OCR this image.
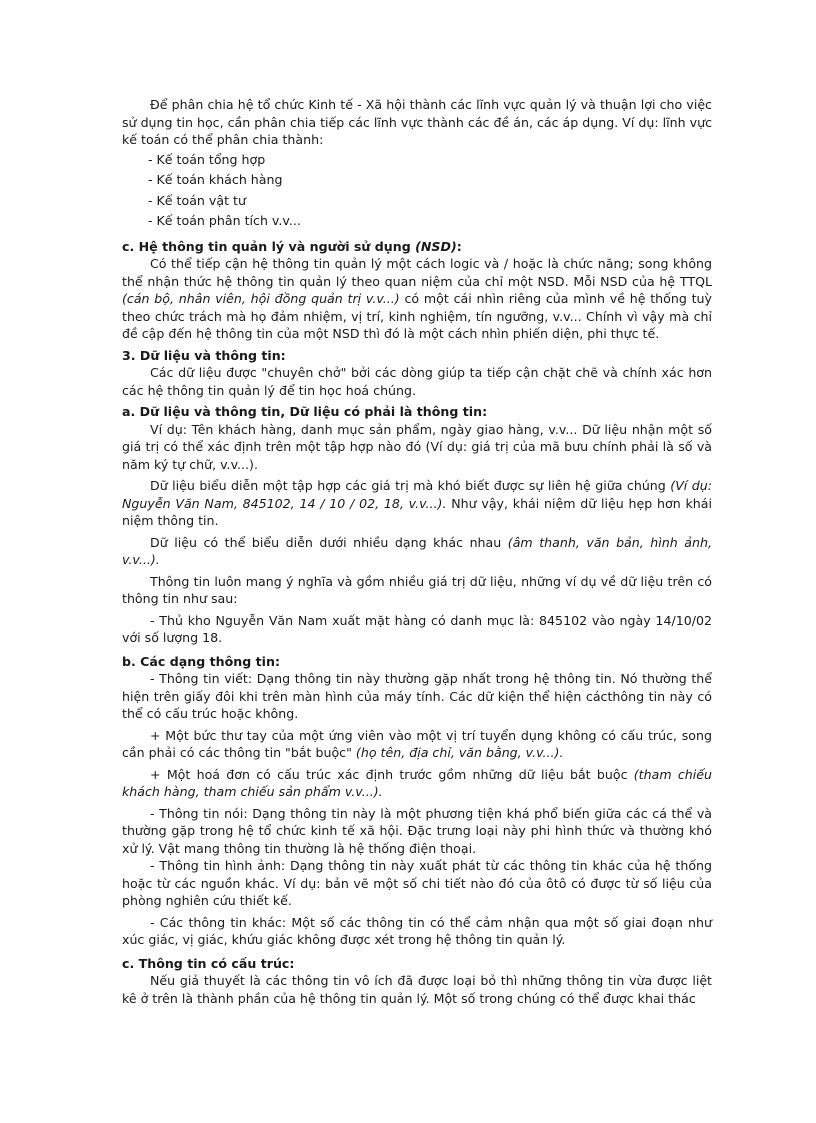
Để phân chia hệ tổ chức Kinh tế - Xã hội thành các lĩnh vực quản lý và thuận lợi cho việc sử dụng tin học, cần phân chia tiếp các lĩnh vực thành các đề án, các áp dụng. Ví dụ: lĩnh vực kế toán có thể phân chia thành:

- Kế toán tổng hợp

- Kế toán khách hàng

- Kế toán vật tư

- Kế toán phân tích v.v...

c. Hệ thông tin quản lý và người sử dụng (NSD):

Có thể tiếp cận hệ thông tin quản lý một cách logic và / hoặc là chức năng; song không thể nhận thức hệ thông tin quản lý theo quan niệm của chỉ một NSD. Mỗi NSD của hệ TTQL (cán bộ, nhân viên, hội đồng quản trị v.v...) có một cái nhìn riêng của mình về hệ thống tuỳ theo chức trách mà họ đảm nhiệm, vị trí, kinh nghiệm, tín ngưỡng, v.v... Chính vì vậy mà chỉ đề cập đến hệ thông tin của một NSD thì đó là một cách nhìn phiến diện, phi thực tế.

3. Dữ liệu và thông tin:

Các dữ liệu được "chuyên chở" bởi các dòng giúp ta tiếp cận chặt chẽ và chính xác hơn các hệ thông tin quản lý để tin học hoá chúng.

a. Dữ liệu và thông tin, Dữ liệu có phải là thông tin:

Ví dụ: Tên khách hàng, danh mục sản phẩm, ngày giao hàng, v.v... Dữ liệu nhận một số giá trị có thể xác định trên một tập hợp nào đó (Ví dụ: giá trị của mã bưu chính phải là số và năm ký tự chữ, v.v...).

Dữ liệu biểu diễn một tập hợp các giá trị mà khó biết được sự liên hệ giữa chúng (Ví dụ: Nguyễn Văn Nam, 845102, 14 / 10 / 02, 18, v.v...). Như vậy, khái niệm dữ liệu hẹp hơn khái niệm thông tin.

Dữ liệu có thể biểu diễn dưới nhiều dạng khác nhau (âm thanh, văn bản, hình ảnh, v.v...).

Thông tin luôn mang ý nghĩa và gồm nhiều giá trị dữ liệu, những ví dụ về dữ liệu trên có thông tin như sau:

- Thủ kho Nguyễn Văn Nam xuất mặt hàng có danh mục là: 845102 vào ngày 14/10/02 với số lượng 18.

b. Các dạng thông tin:

- Thông tin viết: Dạng thông tin này thường gặp nhất trong hệ thông tin. Nó thường thể hiện trên giấy đôi khi trên màn hình của máy tính. Các dữ kiện thể hiện cácthông tin này có thể có cấu trúc hoặc không.

+ Một bức thư tay của một ứng viên vào một vị trí tuyển dụng không có cấu trúc, song cần phải có các thông tin "bắt buộc" (họ tên, địa chỉ, văn bằng, v.v...).

+ Một hoá đơn có cấu trúc xác định trước gồm những dữ liệu bắt buộc (tham chiếu khách hàng, tham chiếu sản phẩm v.v...).

- Thông tin nói: Dạng thông tin này là một phương tiện khá phổ biến giữa các cá thể và thường gặp trong hệ tổ chức kinh tế xã hội. Đặc trưng loại này phi hình thức và thường khó xử lý. Vật mang thông tin thường là hệ thống điện thoại.

- Thông tin hình ảnh: Dạng thông tin này xuất phát từ các thông tin khác của hệ thống hoặc từ các nguồn khác. Ví dụ: bản vẽ một số chi tiết nào đó của ôtô có được từ số liệu của phòng nghiên cứu thiết kế.

- Các thông tin khác: Một số các thông tin có thể cảm nhận qua một số giai đoạn như xúc giác, vị giác, khứu giác không được xét trong hệ thông tin quản lý.

c. Thông tin có cấu trúc:

Nếu giả thuyết là các thông tin vô ích đã được loại bỏ thì những thông tin vừa được liệt kê ở trên là thành phần của hệ thông tin quản lý. Một số trong chúng có thể được khai thác
